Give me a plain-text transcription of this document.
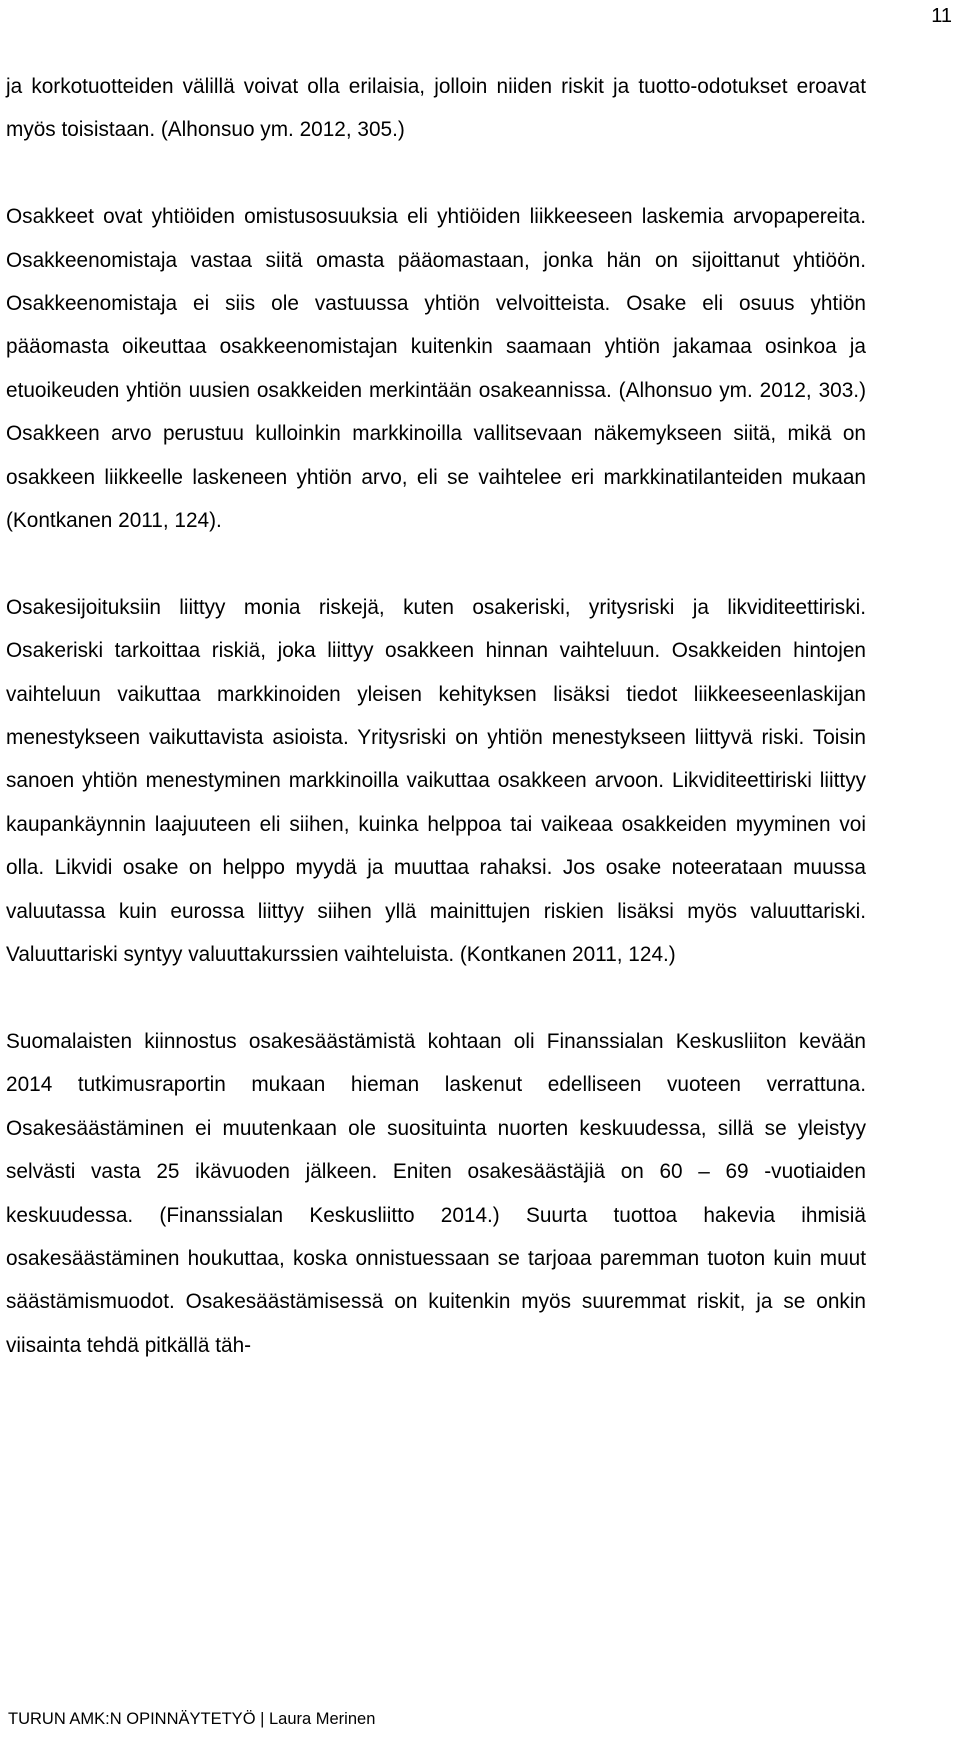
11

ja korkotuotteiden välillä voivat olla erilaisia, jolloin niiden riskit ja tuotto-odotukset eroavat myös toisistaan. (Alhonsuo ym. 2012, 305.)

Osakkeet ovat yhtiöiden omistusosuuksia eli yhtiöiden liikkeeseen laskemia arvopapereita. Osakkeenomistaja vastaa siitä omasta pääomastaan, jonka hän on sijoittanut yhtiöön. Osakkeenomistaja ei siis ole vastuussa yhtiön velvoitteista. Osake eli osuus yhtiön pääomasta oikeuttaa osakkeenomistajan kuitenkin saamaan yhtiön jakamaa osinkoa ja etuoikeuden yhtiön uusien osakkeiden merkintään osakeannissa. (Alhonsuo ym. 2012, 303.) Osakkeen arvo perustuu kulloinkin markkinoilla vallitsevaan näkemykseen siitä, mikä on osakkeen liikkeelle laskeneen yhtiön arvo, eli se vaihtelee eri markkinatilanteiden mukaan (Kontkanen 2011, 124).

Osakesijoituksiin liittyy monia riskejä, kuten osakeriski, yritysriski ja likviditeettiriski. Osakeriski tarkoittaa riskiä, joka liittyy osakkeen hinnan vaihteluun. Osakkeiden hintojen vaihteluun vaikuttaa markkinoiden yleisen kehityksen lisäksi tiedot liikkeeseenlaskijan menestykseen vaikuttavista asioista. Yritysriski on yhtiön menestykseen liittyvä riski. Toisin sanoen yhtiön menestyminen markkinoilla vaikuttaa osakkeen arvoon. Likviditeettiriski liittyy kaupankäynnin laajuuteen eli siihen, kuinka helppoa tai vaikeaa osakkeiden myyminen voi olla. Likvidi osake on helppo myydä ja muuttaa rahaksi. Jos osake noteerataan muussa valuutassa kuin eurossa liittyy siihen yllä mainittujen riskien lisäksi myös valuuttariski. Valuuttariski syntyy valuuttakurssien vaihteluista. (Kontkanen 2011, 124.)

Suomalaisten kiinnostus osakesäästämistä kohtaan oli Finanssialan Keskusliiton kevään 2014 tutkimusraportin mukaan hieman laskenut edelliseen vuoteen verrattuna. Osakesäästäminen ei muutenkaan ole suosituinta nuorten keskuudessa, sillä se yleistyy selvästi vasta 25 ikävuoden jälkeen. Eniten osakesäästäjiä on 60 – 69 -vuotiaiden keskuudessa. (Finanssialan Keskusliitto 2014.) Suurta tuottoa hakevia ihmisiä osakesäästäminen houkuttaa, koska onnistuessaan se tarjoaa paremman tuoton kuin muut säästämismuodot. Osakesäästämisessä on kuitenkin myös suuremmat riskit, ja se onkin viisainta tehdä pitkällä täh-

TURUN AMK:N OPINNÄYTETYÖ | Laura Merinen
